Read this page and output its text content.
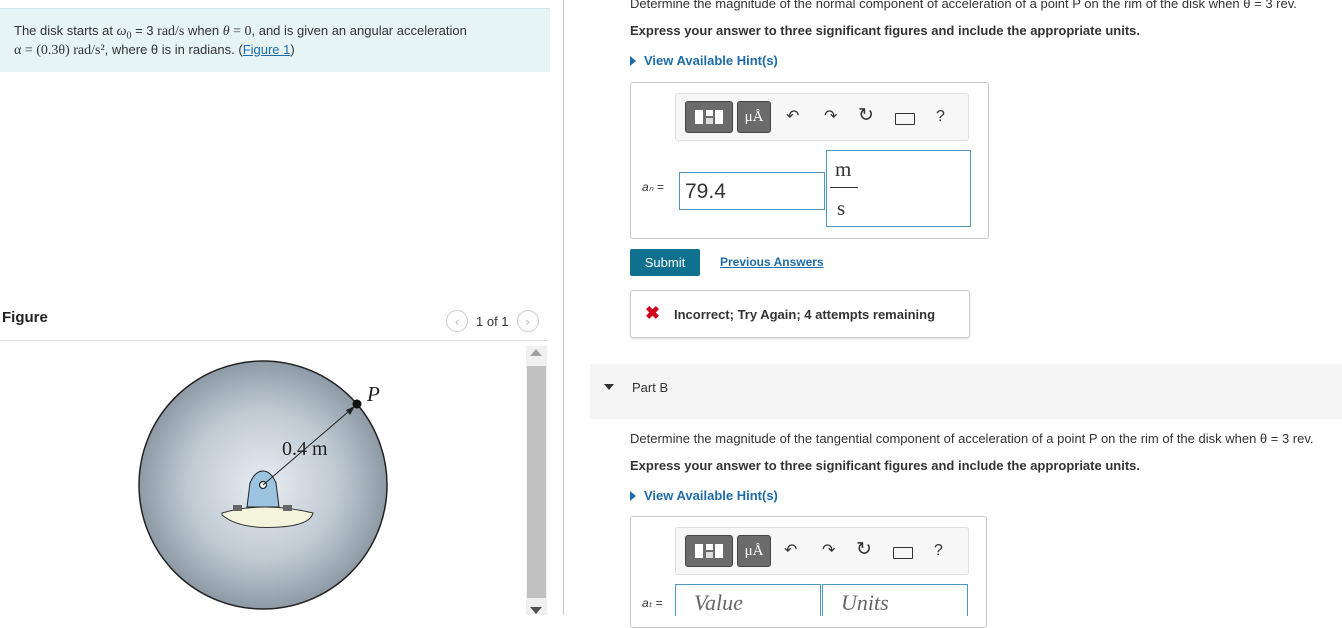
The disk starts at $\omega_0 = 3$ rad/s when θ = 0, and is given an angular acceleration

α = (0.3θ) rad/s², where θ is in radians. (Figure 1)

Figure	‹	1 of 1	›
P
0.4 m
Determine the magnitude of the normal component of acceleration of a point P on the rim of the disk when θ = 3 rev.
Express your answer to three significant figures and include the appropriate units.
View Available Hint(s)
μÅ	↶ ↷ ↻	?
aₙ = 79.4
m
s
Submit	Previous Answers
✖ Incorrect; Try Again; 4 attempts remaining
Part B
Determine the magnitude of the tangential component of acceleration of a point P on the rim of the disk when θ = 3 rev.
Express your answer to three significant figures and include the appropriate units.
View Available Hint(s)
μÅ	↶ ↷ ↻	?
aₜ = Value	Units
